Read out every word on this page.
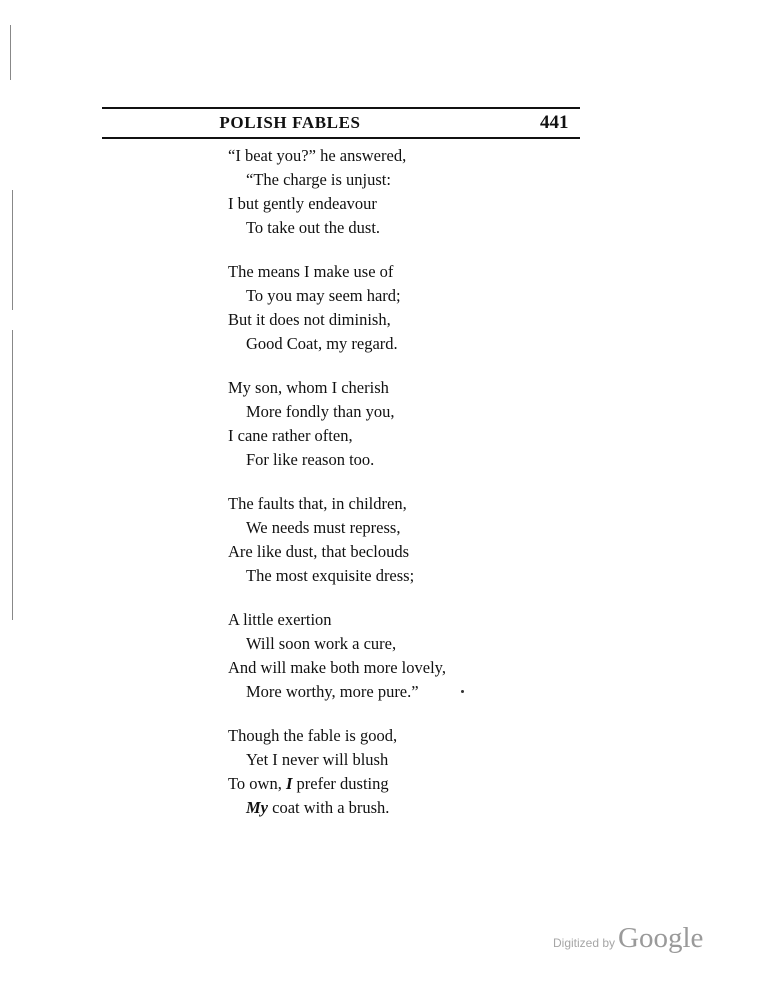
POLISH FABLES	441
“I beat you?” he answered,
“The charge is unjust:
I but gently endeavour
To take out the dust.
The means I make use of
To you may seem hard;
But it does not diminish,
Good Coat, my regard.
My son, whom I cherish
More fondly than you,
I cane rather often,
For like reason too.
The faults that, in children,
We needs must repress,
Are like dust, that beclouds
The most exquisite dress;
A little exertion
Will soon work a cure,
And will make both more lovely,
More worthy, more pure.”
Though the fable is good,
Yet I never will blush
To own, I prefer dusting
My coat with a brush.
Digitized by Google
